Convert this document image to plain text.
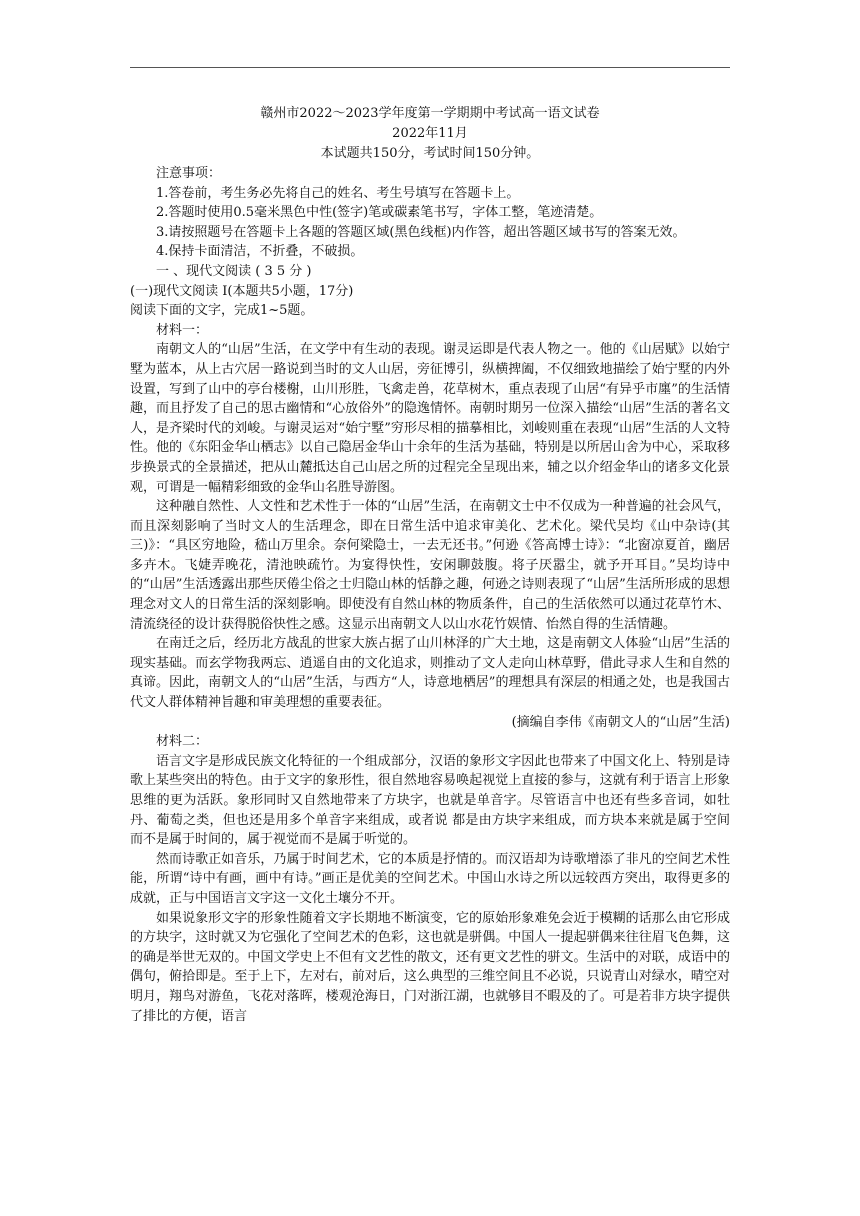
赣州市2022～2023学年度第一学期期中考试高一语文试卷
2022年11月
本试题共150分，考试时间150分钟。

注意事项：

1.答卷前，考生务必先将自己的姓名、考生号填写在答题卡上。

2.答题时使用0.5毫米黑色中性(签字)笔或碳素笔书写，字体工整，笔迹清楚。

3.请按照题号在答题卡上各题的答题区域(黑色线框)内作答，超出答题区域书写的答案无效。

4.保持卡面清洁，不折叠，不破损。

一 、现代文阅读 ( 3 5 分 )

(一)现代文阅读 I(本题共5小题，17分)

阅读下面的文字，完成1~5题。

材料一：

南朝文人的“山居”生活，在文学中有生动的表现。谢灵运即是代表人物之一。他的《山居赋》以始宁墅为蓝本，从上古穴居一路说到当时的文人山居，旁征博引，纵横捭阖，不仅细致地描绘了始宁墅的内外设置，写到了山中的亭台楼榭，山川形胜，飞禽走兽，花草树木，重点表现了山居“有异乎市廛”的生活情趣，而且抒发了自己的思古幽情和“心放俗外”的隐逸情怀。南朝时期另一位深入描绘“山居”生活的著名文人，是齐梁时代的刘峻。与谢灵运对“始宁墅”穷形尽相的描摹相比，刘峻则重在表现“山居”生活的人文特性。他的《东阳金华山栖志》以自己隐居金华山十余年的生活为基础，特别是以所居山舍为中心，采取移步换景式的全景描述，把从山麓抵达自己山居之所的过程完全呈现出来，辅之以介绍金华山的诸多文化景观，可谓是一幅精彩细致的金华山名胜导游图。

这种融自然性、人文性和艺术性于一体的“山居”生活，在南朝文士中不仅成为一种普遍的社会风气，而且深刻影响了当时文人的生活理念，即在日常生活中追求审美化、艺术化。梁代吴均《山中杂诗(其三)》：“具区穷地险，嵇山万里余。奈何梁隐士，一去无还书。”何逊《答高博士诗》：“北窗凉夏首，幽居多卉木。飞婕弄晚花，清池映疏竹。为宴得快性，安闲聊鼓腹。将子厌嚣尘，就予开耳目。”吴均诗中的“山居”生活透露出那些厌倦尘俗之士归隐山林的恬静之趣，何逊之诗则表现了“山居”生活所形成的思想理念对文人的日常生活的深刻影响。即使没有自然山林的物质条件，自己的生活依然可以通过花草竹木、清流绕径的设计获得脱俗快性之感。这显示出南朝文人以山水花竹娱情、怡然自得的生活情趣。

在南迁之后，经历北方战乱的世家大族占据了山川林泽的广大土地，这是南朝文人体验“山居”生活的现实基础。而玄学物我两忘、逍遥自由的文化追求，则推动了文人走向山林草野，借此寻求人生和自然的真谛。因此，南朝文人的“山居”生活，与西方“人，诗意地栖居”的理想具有深层的相通之处，也是我国古代文人群体精神旨趣和审美理想的重要表征。

(摘编自李伟《南朝文人的“山居”生活)

材料二：

语言文字是形成民族文化特征的一个组成部分，汉语的象形文字因此也带来了中国文化上、特别是诗歌上某些突出的特色。由于文字的象形性，很自然地容易唤起视觉上直接的参与，这就有利于语言上形象思维的更为活跃。象形同时又自然地带来了方块字，也就是单音字。尽管语言中也还有些多音词，如牡丹、葡萄之类，但也还是用多个单音字来组成，或者说 都是由方块字来组成，而方块本来就是属于空间而不是属于时间的，属于视觉而不是属于听觉的。

然而诗歌正如音乐，乃属于时间艺术，它的本质是抒情的。而汉语却为诗歌增添了非凡的空间艺术性能，所谓“诗中有画，画中有诗。”画正是优美的空间艺术。中国山水诗之所以远较西方突出，取得更多的成就，正与中国语言文字这一文化土壤分不开。

如果说象形文字的形象性随着文字长期地不断演变，它的原始形象难免会近于模糊的话那么由它形成的方块字，这时就又为它强化了空间艺术的色彩，这也就是骈偶。中国人一提起骈偶来往往眉飞色舞，这的确是举世无双的。中国文学史上不但有文艺性的散文，还有更文艺性的骈文。生活中的对联，成语中的偶句，俯拾即是。至于上下，左对右，前对后，这么典型的三维空间且不必说，只说青山对绿水，晴空对明月，翔鸟对游鱼，飞花对落晖，楼观沧海日，门对浙江湖，也就够目不暇及的了。可是若非方块字提供了排比的方便，语言
